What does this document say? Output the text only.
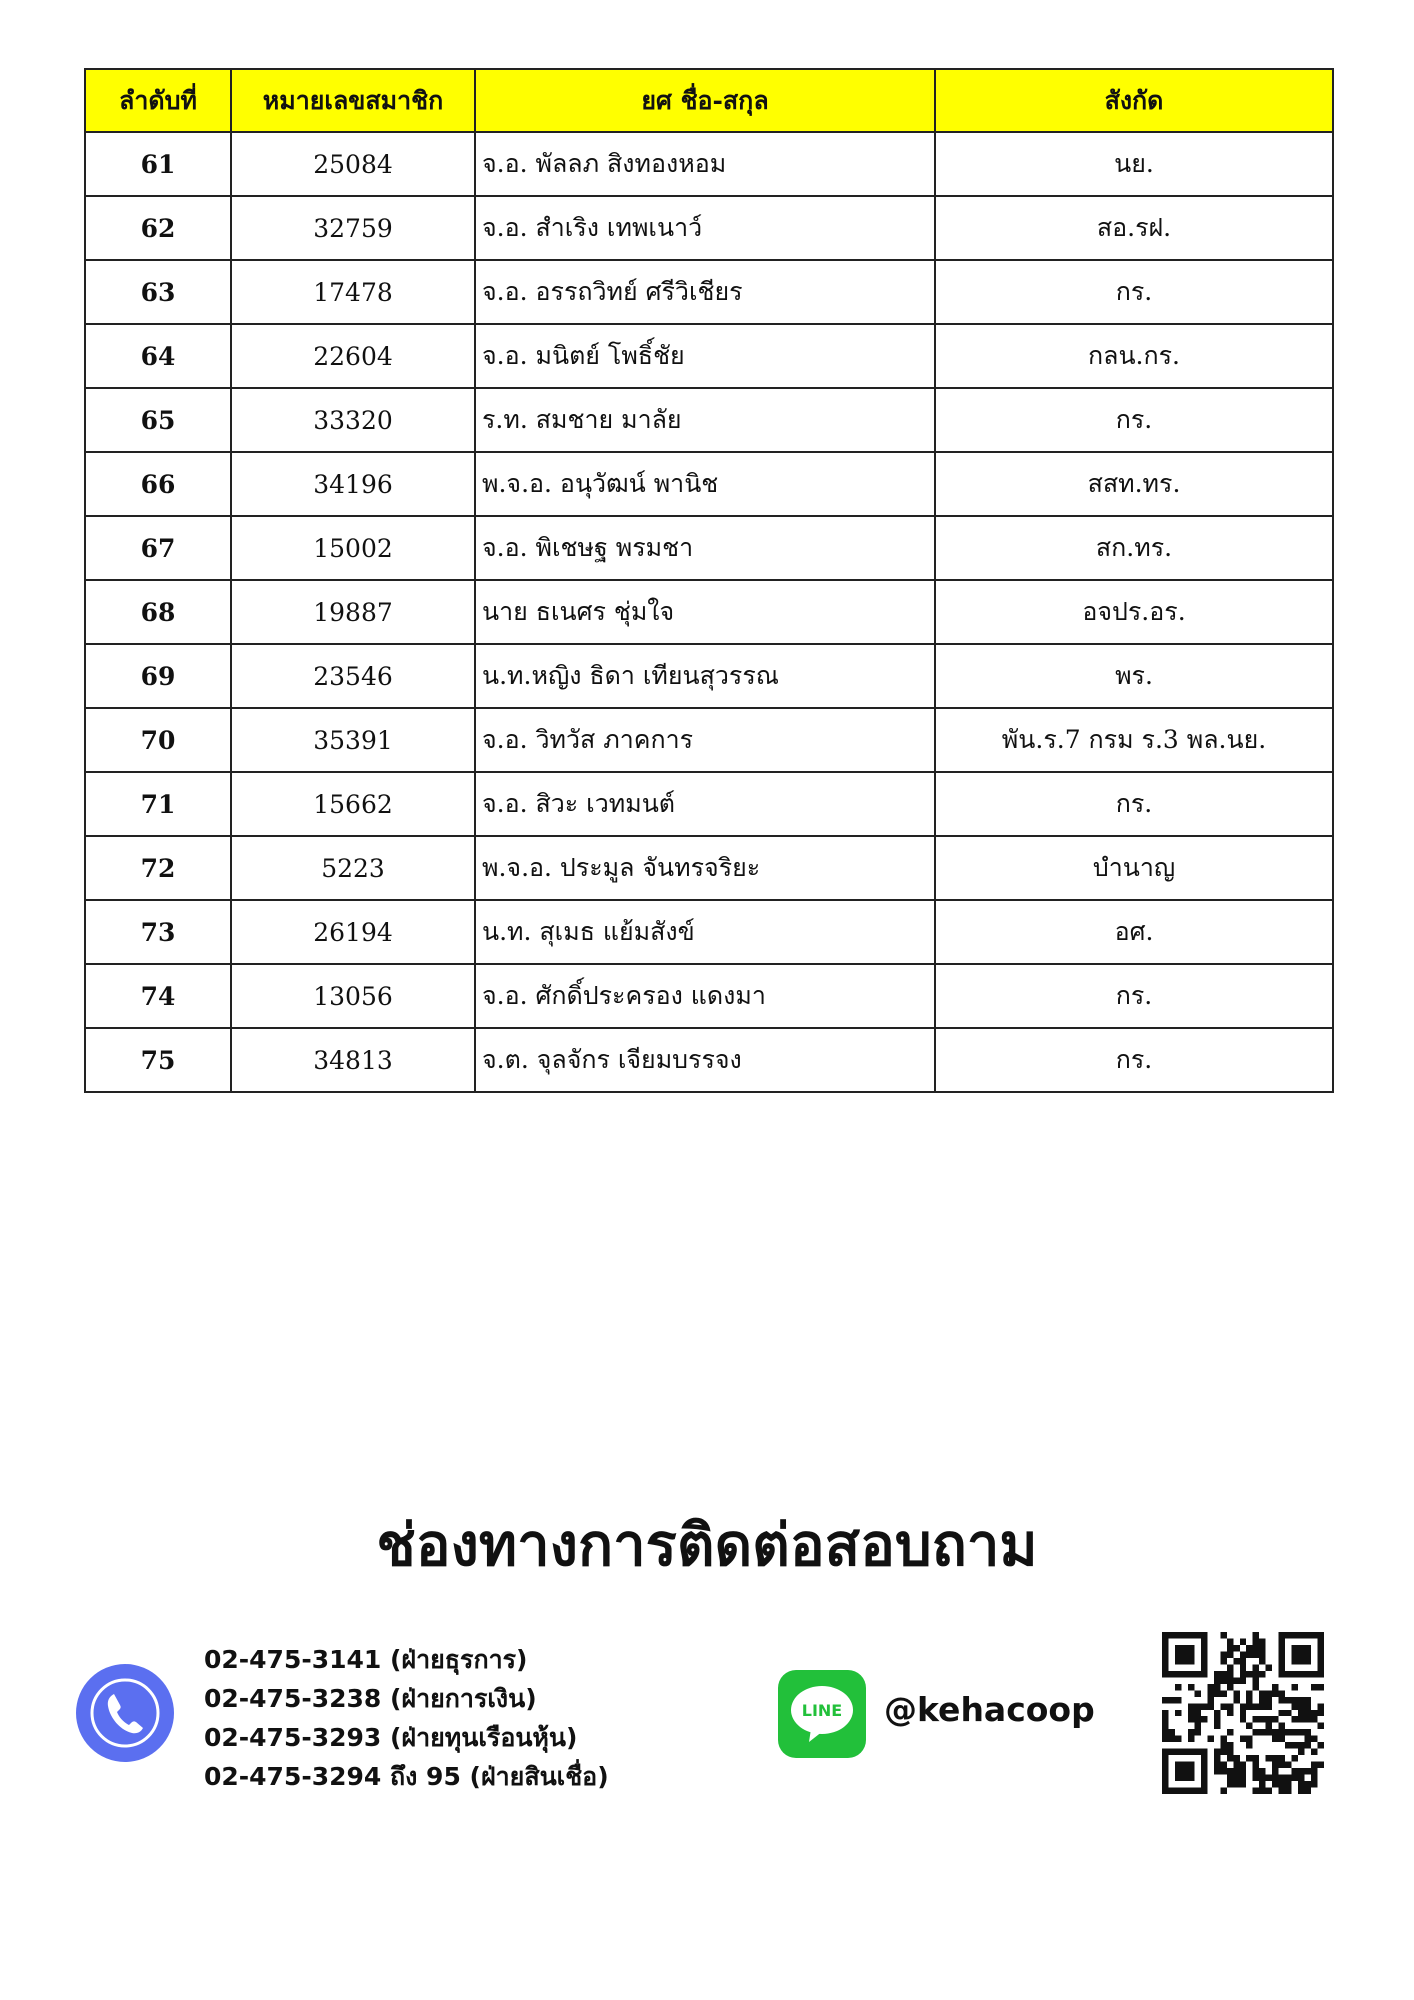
ลำดับที่	หมายเลขสมาชิก	ยศ ชื่อ-สกุล	สังกัด
61	25084	จ.อ. พัลลภ สิงทองหอม	นย.
62	32759	จ.อ. สำเริง เทพเนาว์	สอ.รฝ.
63	17478	จ.อ. อรรถวิทย์ ศรีวิเชียร	กร.
64	22604	จ.อ. มนิตย์ โพธิ์ชัย	กลน.กร.
65	33320	ร.ท. สมชาย มาลัย	กร.
66	34196	พ.จ.อ. อนุวัฒน์ พานิช	สสท.ทร.
67	15002	จ.อ. พิเชษฐ พรมชา	สก.ทร.
68	19887	นาย ธเนศร ชุ่มใจ	อจปร.อร.
69	23546	น.ท.หญิง ธิดา เทียนสุวรรณ	พร.
70	35391	จ.อ. วิทวัส ภาคการ	พัน.ร.7 กรม ร.3 พล.นย.
71	15662	จ.อ. สิวะ เวทมนต์	กร.
72	5223	พ.จ.อ. ประมูล จันทรจริยะ	บำนาญ
73	26194	น.ท. สุเมธ แย้มสังข์	อศ.
74	13056	จ.อ. ศักดิ์ประครอง แดงมา	กร.
75	34813	จ.ต. จุลจักร เจียมบรรจง	กร.
ช่องทางการติดต่อสอบถาม
02-475-3141 (ฝ่ายธุรการ)
02-475-3238 (ฝ่ายการเงิน)
02-475-3293 (ฝ่ายทุนเรือนหุ้น)
02-475-3294 ถึง 95 (ฝ่ายสินเชื่อ)
LINE @kehacoop
